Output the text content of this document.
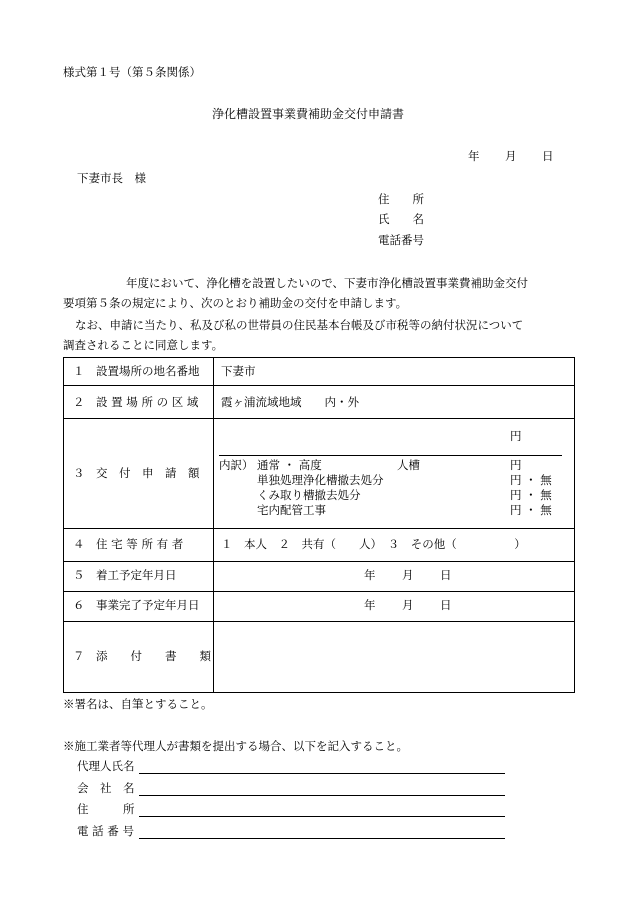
様式第１号（第５条関係）
浄化槽設置事業費補助金交付申請書
年 月 日
下妻市長　様
住　　所
氏　　名
電話番号
年度において、浄化槽を設置したいので、下妻市浄化槽設置事業費補助金交付
要項第５条の規定により、次のとおり補助金の交付を申請します。
なお、申請に当たり、私及び私の世帯員の住民基本台帳及び市税等の納付状況について
調査されることに同意します。
１　設置場所の地名番地 下妻市
２　設 置 場 所 の 区 域 霞ヶ浦流域地域　　内・外
３　交　付　申　請　額
円
内訳） 通常 ・ 高度	人槽	円
単独処理浄化槽撤去処分	円 ・ 無
くみ取り槽撤去処分	円 ・ 無
宅内配管工事	円 ・ 無
４　住 宅 等 所 有 者	１　本人　２　共有（　　人）　３　その他（　　　　　）
５　着工予定年月日	年 月 日
６　事業完了予定年月日	年 月 日
７　添　　付　　書　　類
※署名は、自筆とすること。
※施工業者等代理人が書類を提出する場合、以下を記入すること。
代理人氏名
会　社　名
住　　　所
電 話 番 号
